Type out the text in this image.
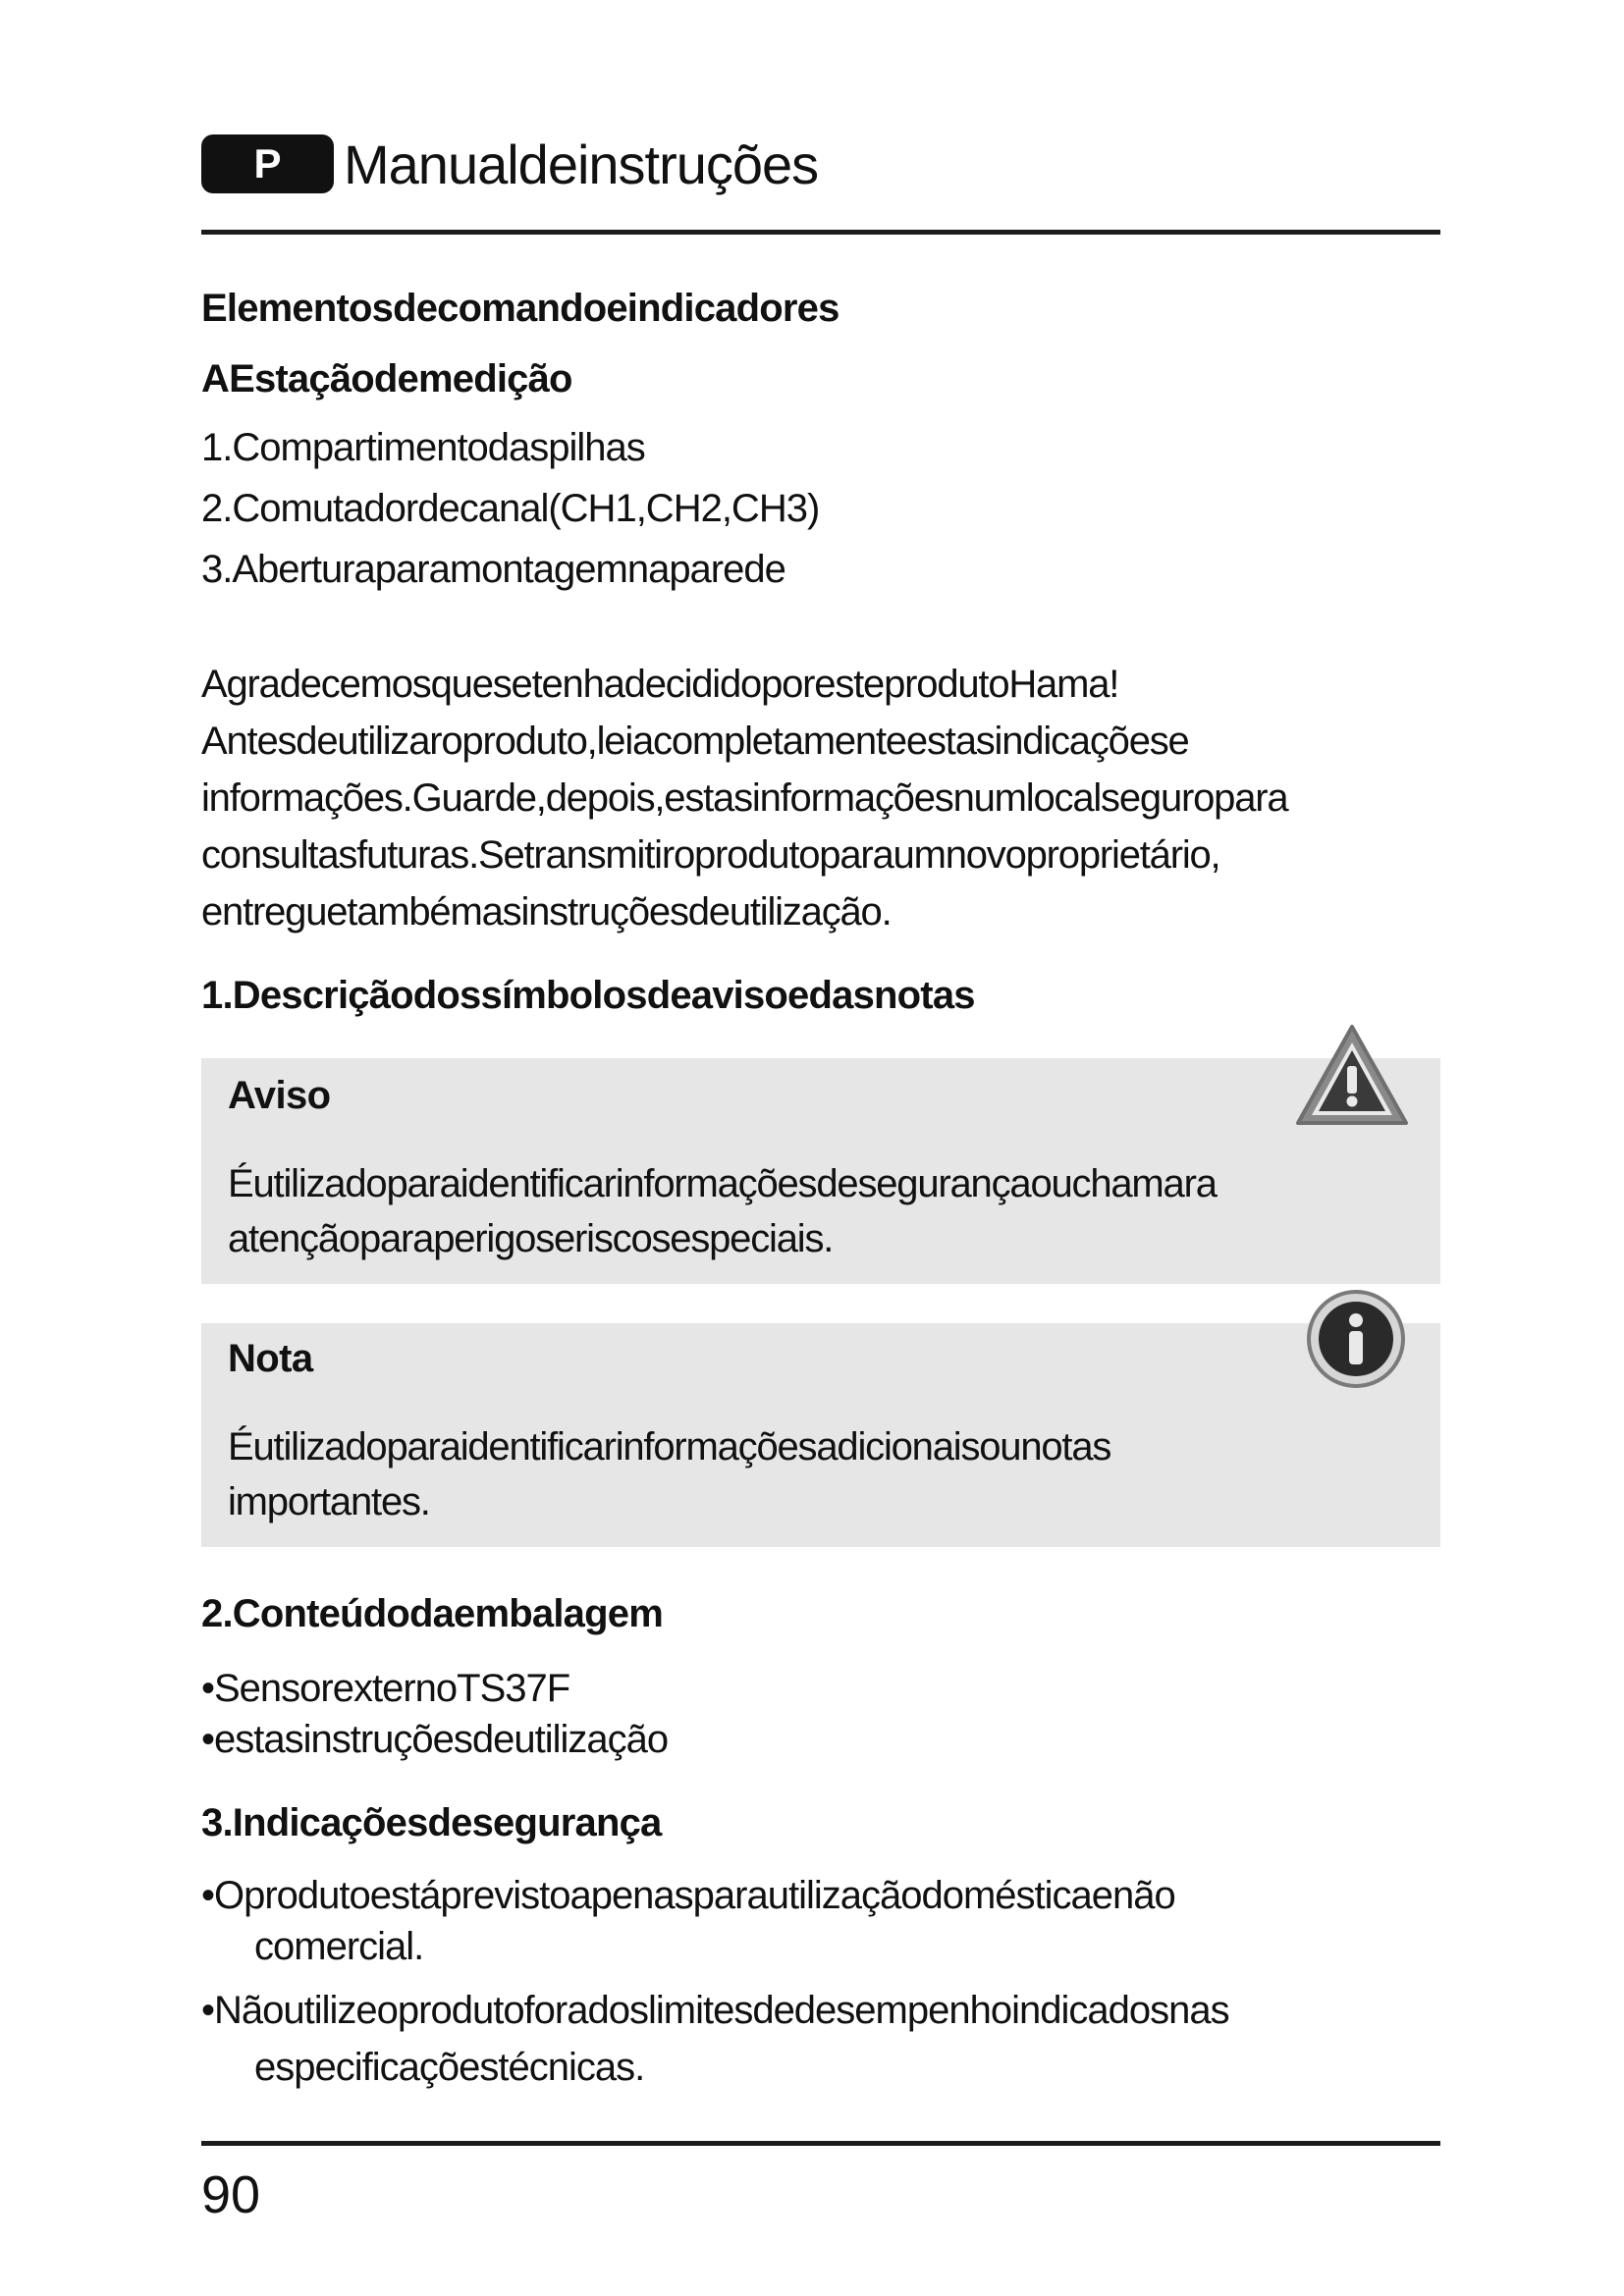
P	Manualdeinstruções

Elementosdecomandoeindicadores

AEstaçãodemedição

1.Compartimentodaspilhas

2.Comutadordecanal(CH1,CH2,CH3)

3.Aberturaparamontagemnaparede

AgradecemosquesetenhadecididoporesteprodutoHama!

Antesdeutilizaroproduto,leiacompletamenteestasindicaçõese

informações.Guarde,depois,estasinformaçõesnumlocalseguropara

consultasfuturas.Setransmitiroprodutoparaumnovoproprietário,

entreguetambémasinstruçõesdeutilização.

1.Descriçãodossímbolosdeavisoedasnotas

Aviso
Éutilizadoparaidentificarinformaçõesdesegurançaouchamara
atençãoparaperigoseriscosespeciais.
Nota
Éutilizadoparaidentificarinformaçõesadicionaisounotas
importantes.

2.Conteúdodaembalagem

•SensorexternoTS37F

•estasinstruçõesdeutilização

3.Indicaçõesdesegurança

•Oprodutoestáprevistoapenasparautilizaçãodomésticaenão

comercial.

•Nãoutilizeoprodutoforadoslimitesdedesempenhoindicadosnas

especificaçõestécnicas.

90
